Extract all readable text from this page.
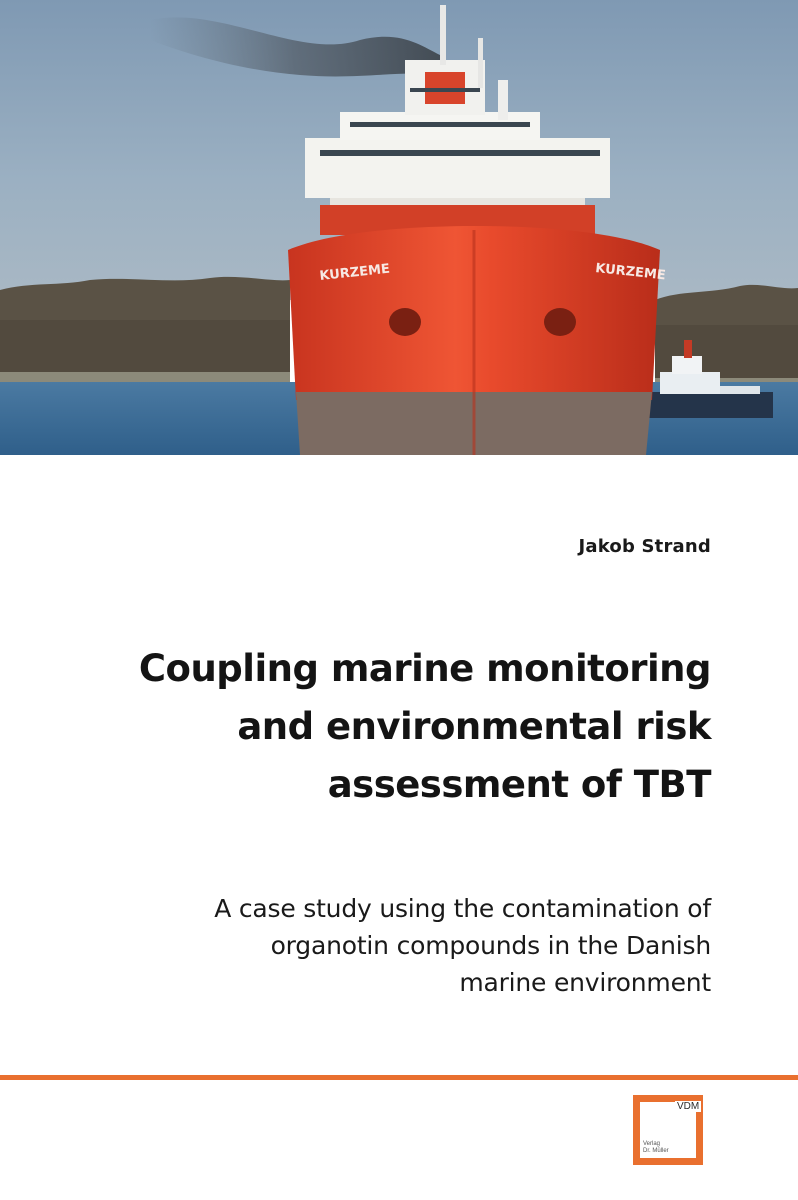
KURZEME	KURZEME
Jakob Strand
Coupling marine monitoring and environmental risk assessment of TBT
A case study using the contamination of
organotin compounds in the Danish
marine environment
VDM
Verlag
Dr. Müller
